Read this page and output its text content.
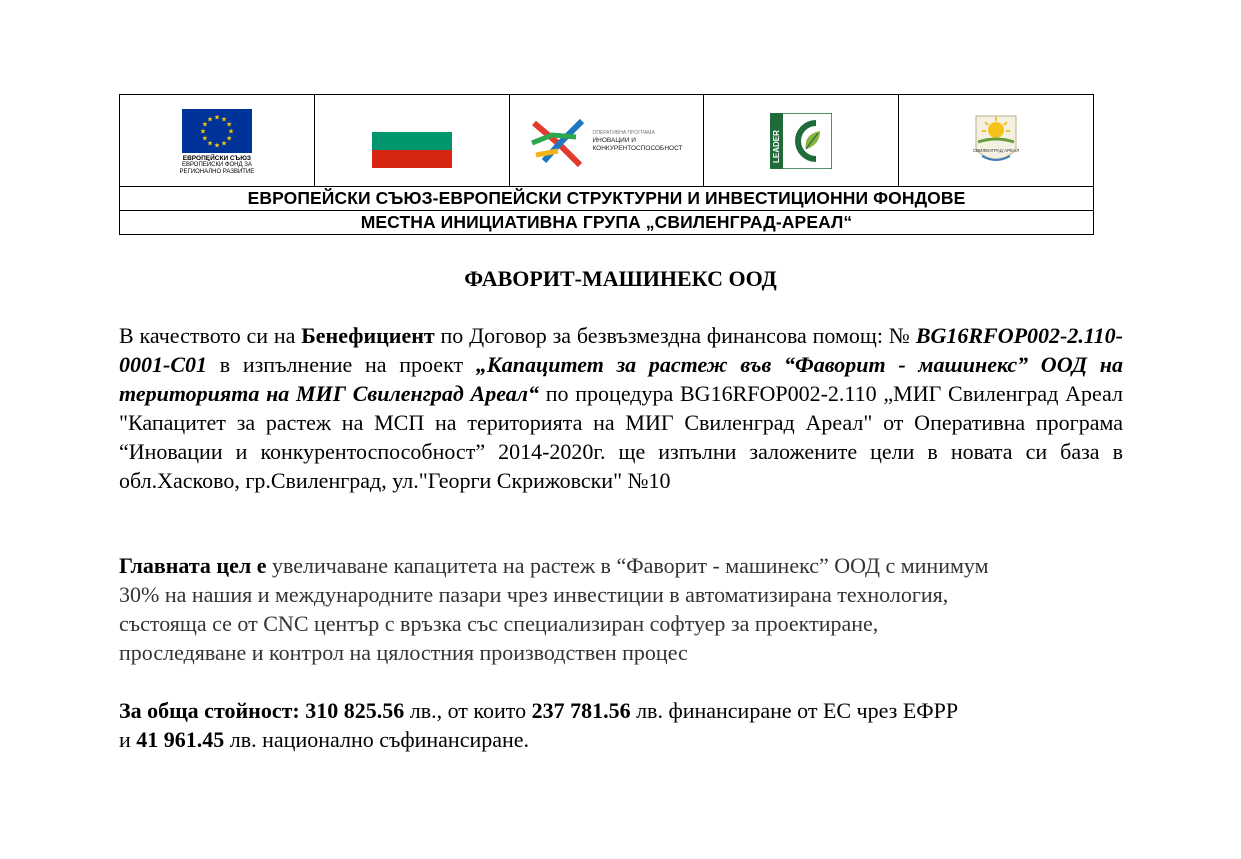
★
★
★
★
★
★
★
★
★ ★ ★
★
ЕВРОПЕЙСКИ СЪЮЗ
ЕВРОПЕЙСКИ ФОНД ЗА
РЕГИОНАЛНО РАЗВИТИЕ
ОПЕРАТИВНА ПРОГРАМА
ИНОВАЦИИ И
КОНКУРЕНТОСПОСОБНОСТ	LEADER	СВИЛЕНГРАД АРЕАЛ
ЕВРОПЕЙСКИ СЪЮЗ-ЕВРОПЕЙСКИ СТРУКТУРНИ И ИНВЕСТИЦИОННИ ФОНДОВЕ
МЕСТНА ИНИЦИАТИВНА ГРУПА „СВИЛЕНГРАД-АРЕАЛ“
ФАВОРИТ-МАШИНЕКС ООД
В качеството си на Бенефициент по Договор за безвъзмездна финансова помощ: № BG16RFOP002-2.110-0001-C01 в изпълнение на проект „Капацитет за растеж във “Фаворит - машинекс” ООД на територията на МИГ Свиленград Ареал“ по процедура BG16RFOP002-2.110 „МИГ Свиленград Ареал "Капацитет за растеж на МСП на територията на МИГ Свиленград Ареал" от Оперативна програма “Иновации и конкурентоспособност” 2014-2020г. ще изпълни заложените цели в новата си база в обл.Хасково, гр.Свиленград, ул."Георги Скрижовски" №10
Главната цел е увеличаване капацитета на растеж в “Фаворит - машинекс” ООД с минимум
30% на нашия и международните пазари чрез инвестиции в автоматизирана технология,
състояща се от CNC център с връзка със специализиран софтуер за проектиране,
проследяване и контрол на цялостния производствен процес
За обща стойност: 310 825.56 лв., от които 237 781.56 лв. финансиране от ЕС чрез ЕФРР
и 41 961.45 лв. национално съфинансиране.
